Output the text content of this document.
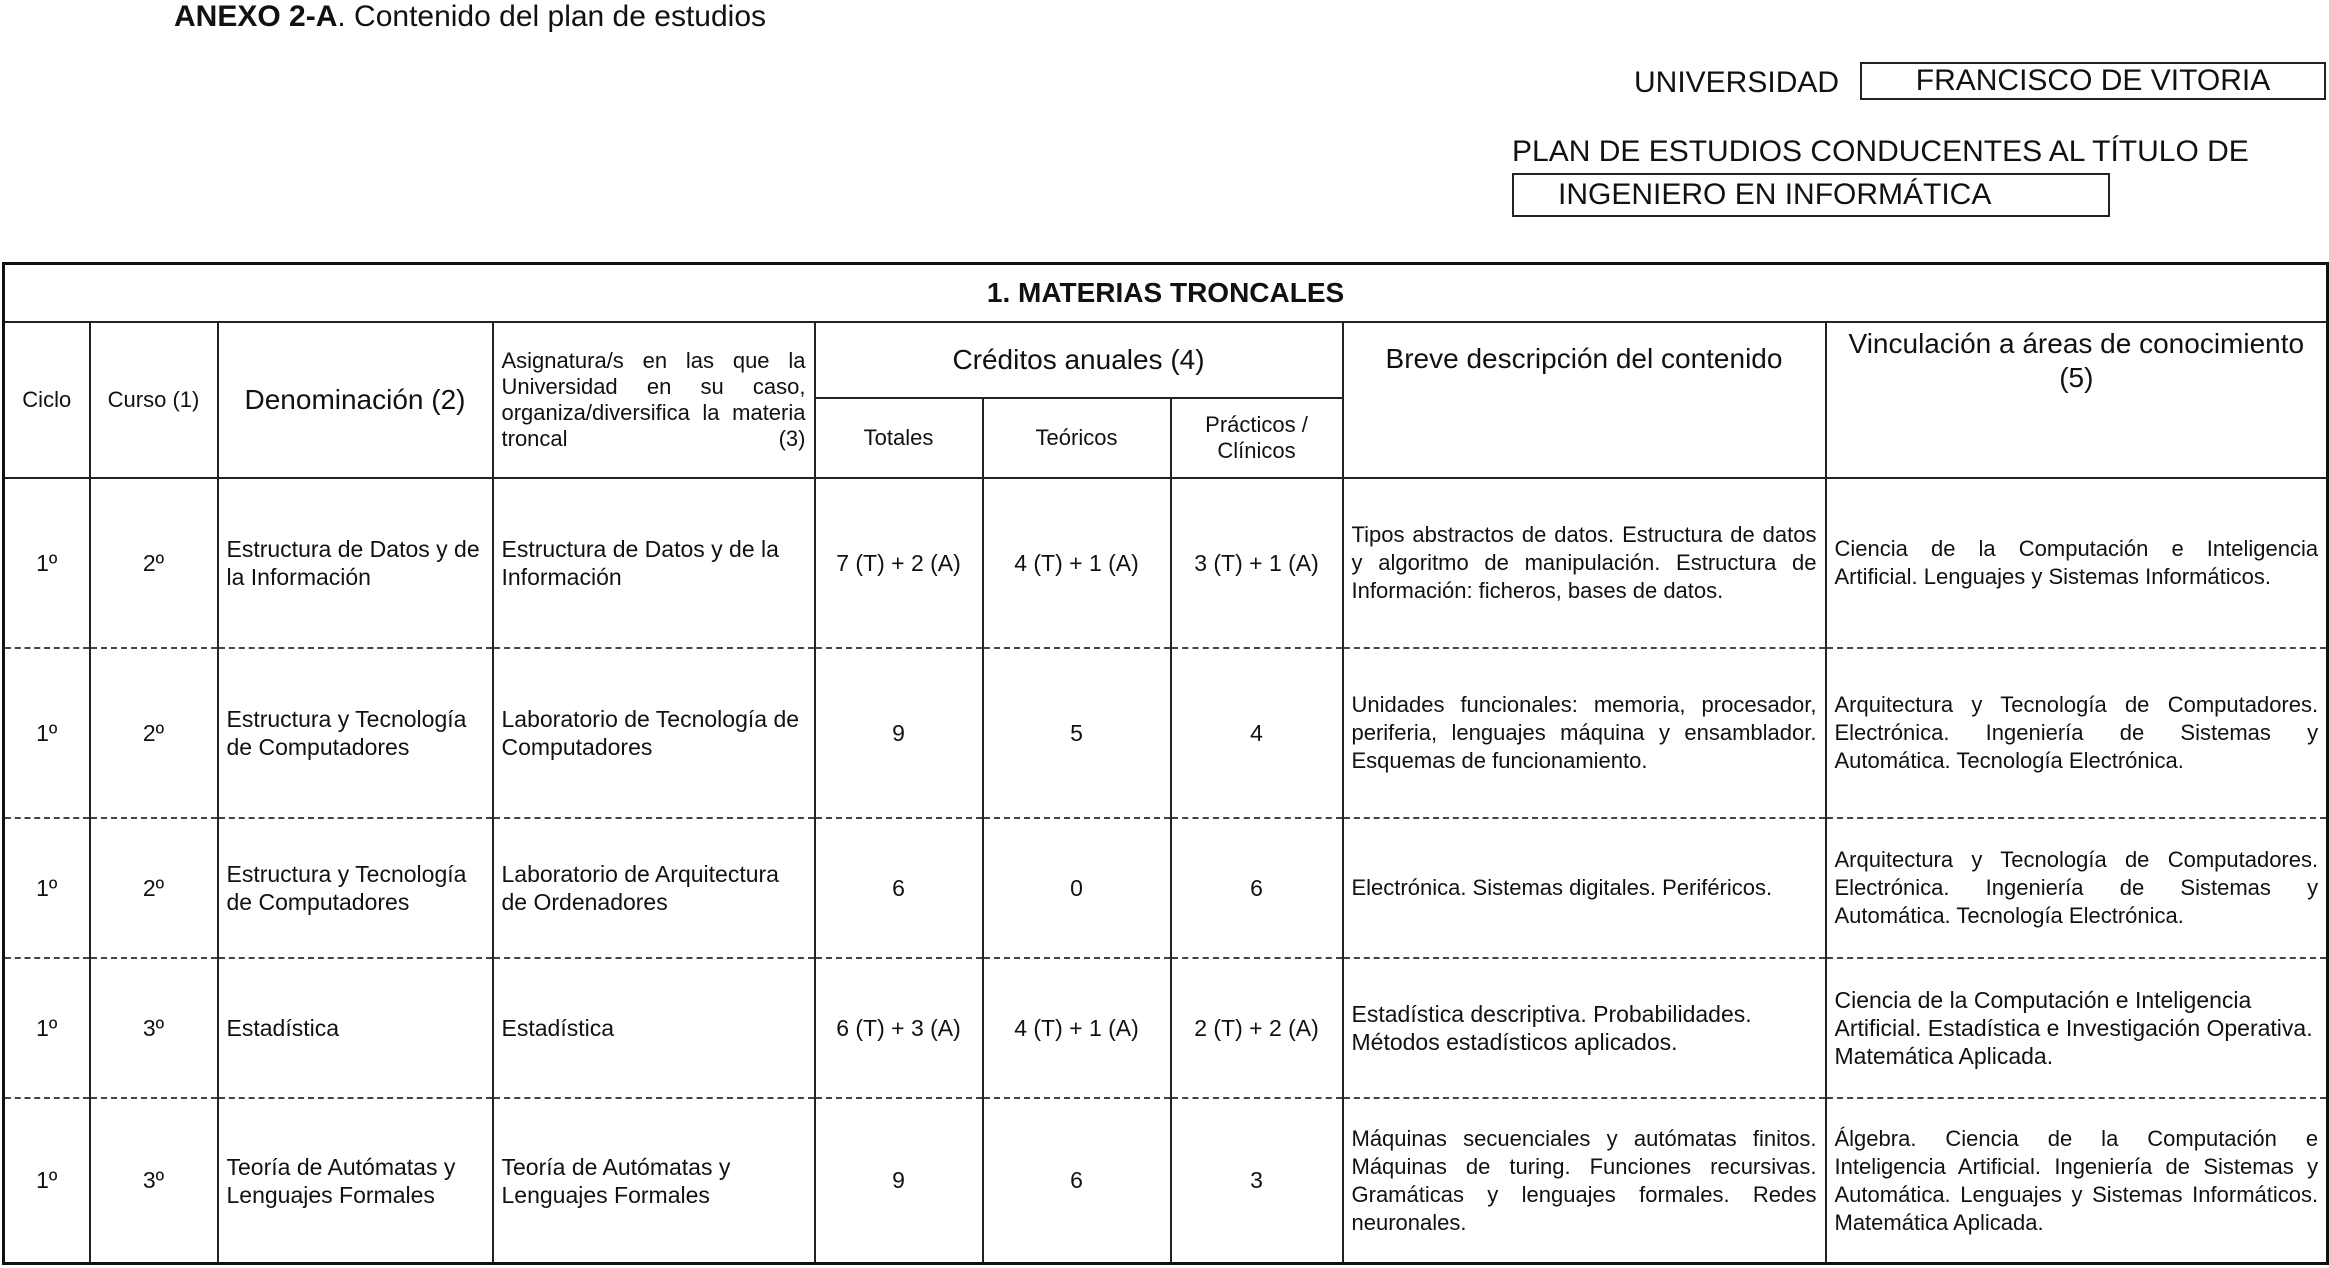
ANEXO 2-A. Contenido del plan de estudios
UNIVERSIDAD	FRANCISCO DE VITORIA
PLAN DE ESTUDIOS CONDUCENTES AL TÍTULO DE
INGENIERO EN INFORMÁTICA
1. MATERIAS TRONCALES								
Ciclo	Curso (1)	Denominación (2)	Asignatura/s en las que la Universidad en su caso, organiza/diversifica la materia troncal (3)	Créditos anuales (4)			Breve descripción del contenido	Vinculación a áreas de conocimiento (5)
				Totales	Teóricos	Prácticos / Clínicos		
1º	2º	Estructura de Datos y de la Información	Estructura de Datos y de la Información	7 (T) + 2 (A)	4 (T) + 1 (A)	3 (T) + 1 (A)	Tipos abstractos de datos. Estructura de datos y algoritmo de manipulación. Estructura de Información: ficheros, bases de datos.	Ciencia de la Computación e Inteligencia Artificial. Lenguajes y Sistemas Informáticos.
1º	2º	Estructura y Tecnología de Computadores	Laboratorio de Tecnología de Computadores	9	5	4	Unidades funcionales: memoria, procesador, periferia, lenguajes máquina y ensamblador. Esquemas de funcionamiento.	Arquitectura y Tecnología de Computadores. Electrónica. Ingeniería de Sistemas y Automática. Tecnología Electrónica.
1º	2º	Estructura y Tecnología de Computadores	Laboratorio de Arquitectura de Ordenadores	6	0	6	Electrónica. Sistemas digitales. Periféricos.	Arquitectura y Tecnología de Computadores. Electrónica. Ingeniería de Sistemas y Automática. Tecnología Electrónica.
1º	3º	Estadística	Estadística	6 (T) + 3 (A)	4 (T) + 1 (A)	2 (T) + 2 (A)	Estadística descriptiva. Probabilidades. Métodos estadísticos aplicados.	Ciencia de la Computación e Inteligencia Artificial. Estadística e Investigación Operativa. Matemática Aplicada.
1º	3º	Teoría de Autómatas y Lenguajes Formales	Teoría de Autómatas y Lenguajes Formales	9	6	3	Máquinas secuenciales y autómatas finitos. Máquinas de turing. Funciones recursivas. Gramáticas y lenguajes formales. Redes neuronales.	Álgebra. Ciencia de la Computación e Inteligencia Artificial. Ingeniería de Sistemas y Automática. Lenguajes y Sistemas Informáticos. Matemática Aplicada.
